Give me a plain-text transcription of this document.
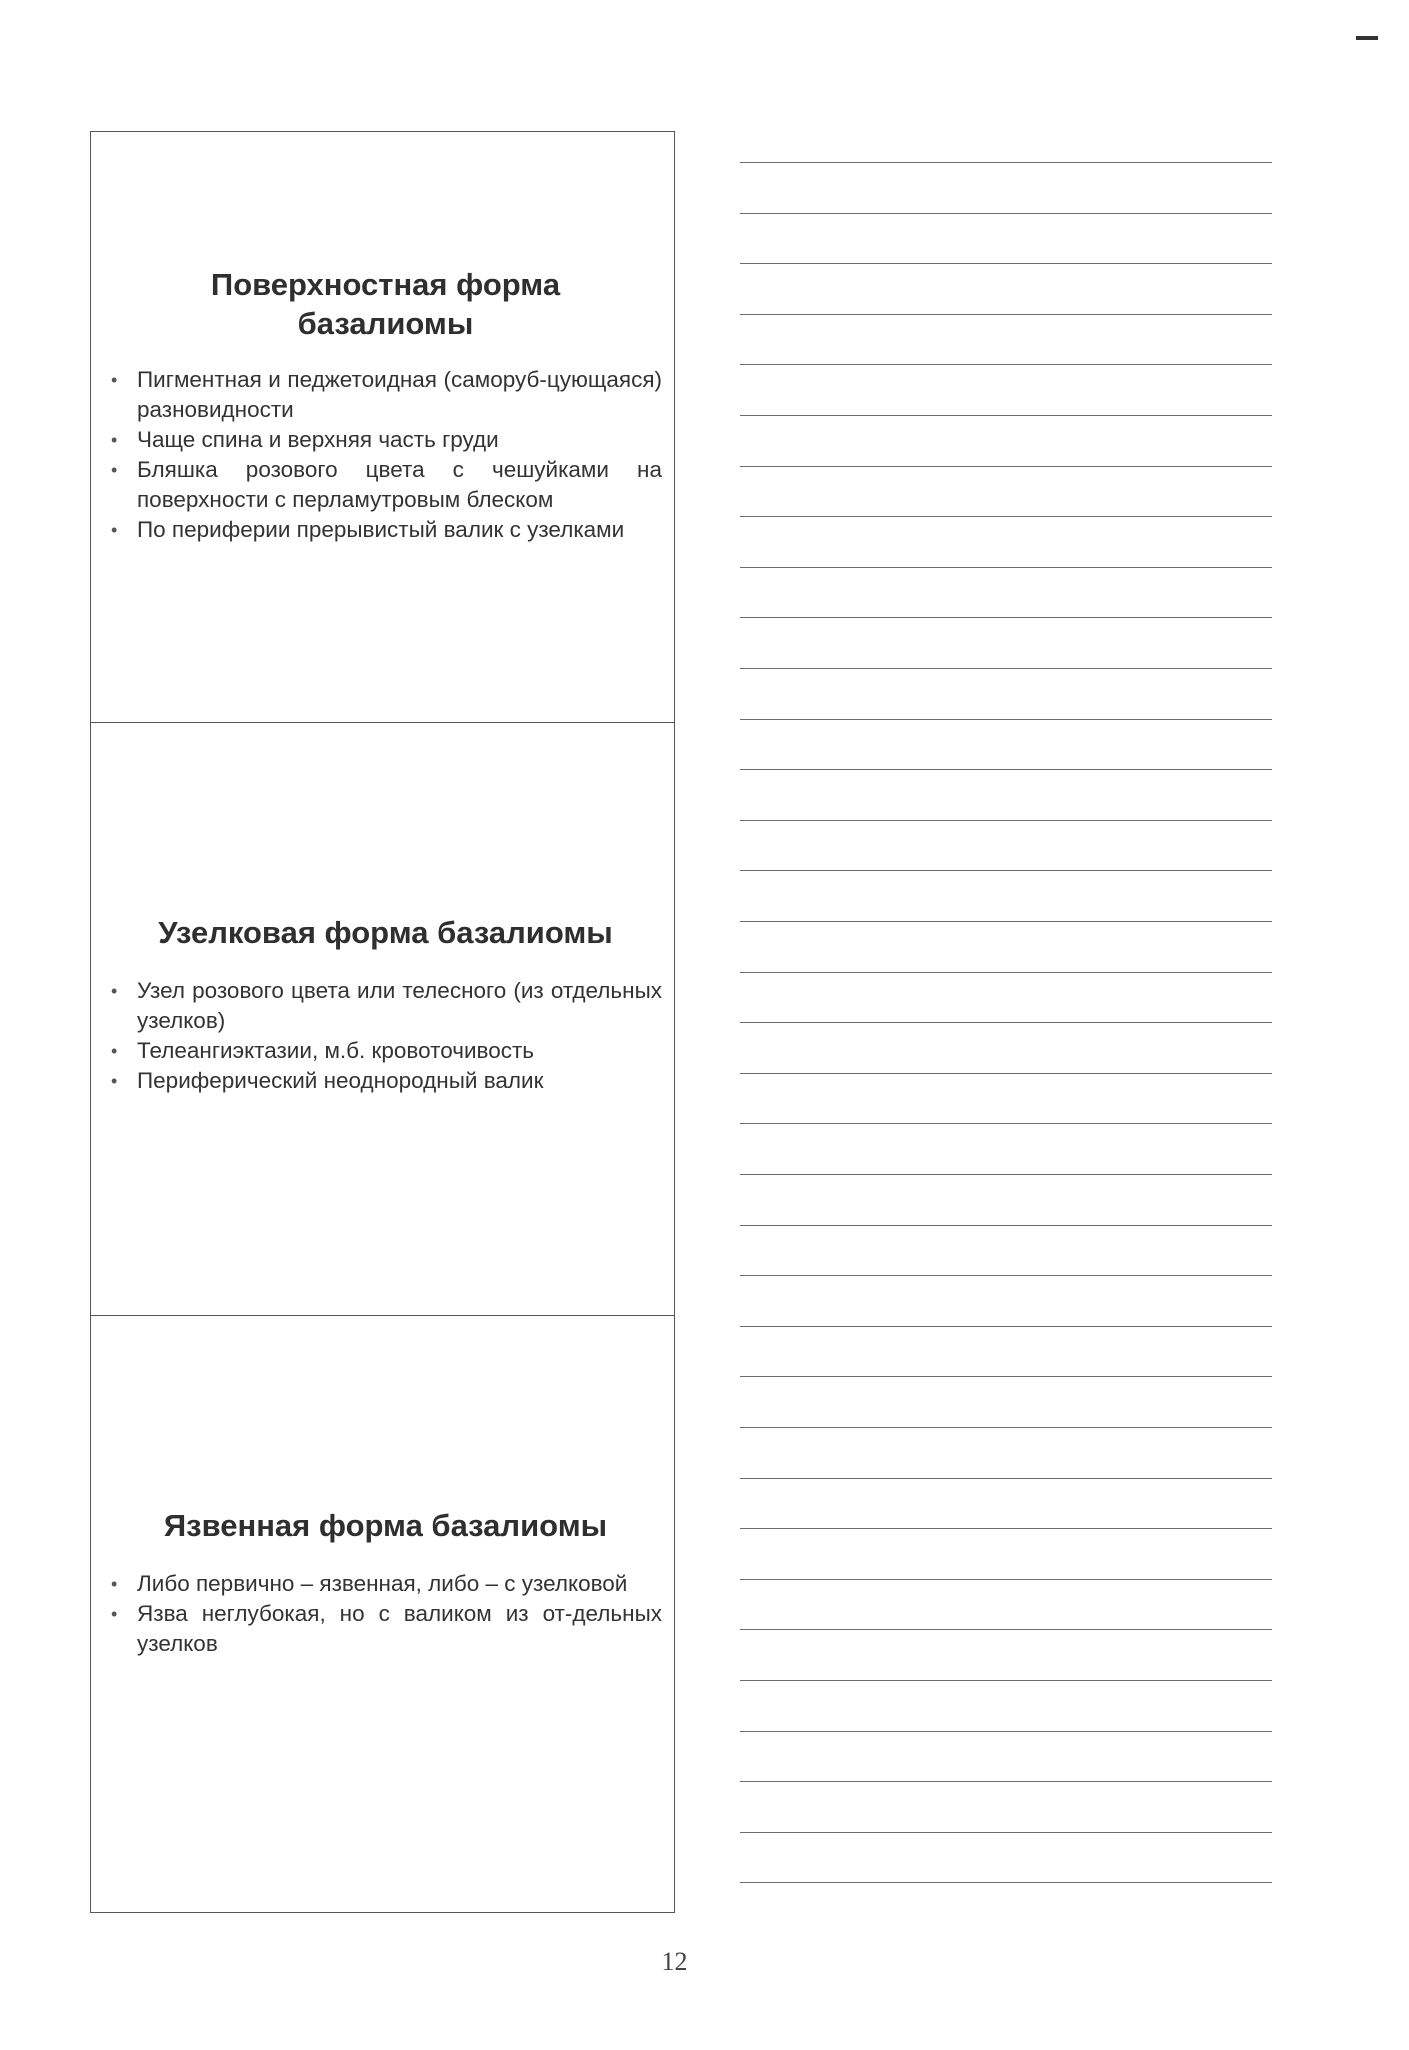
Поверхностная форма
базалиомы
• Пигментная и педжетоидная (саморуб-цующаяся) разновидности
• Чаще спина и верхняя часть груди
• Бляшка розового цвета с чешуйками на поверхности с перламутровым блеском
• По периферии прерывистый валик с узелками
Узелковая форма базалиомы
• Узел розового цвета или телесного (из отдельных узелков)
• Телеангиэктазии, м.б. кровоточивость
• Периферический неоднородный валик
Язвенная форма базалиомы
• Либо первично – язвенная, либо – с узелковой
• Язва неглубокая, но с валиком из от-дельных узелков
12
